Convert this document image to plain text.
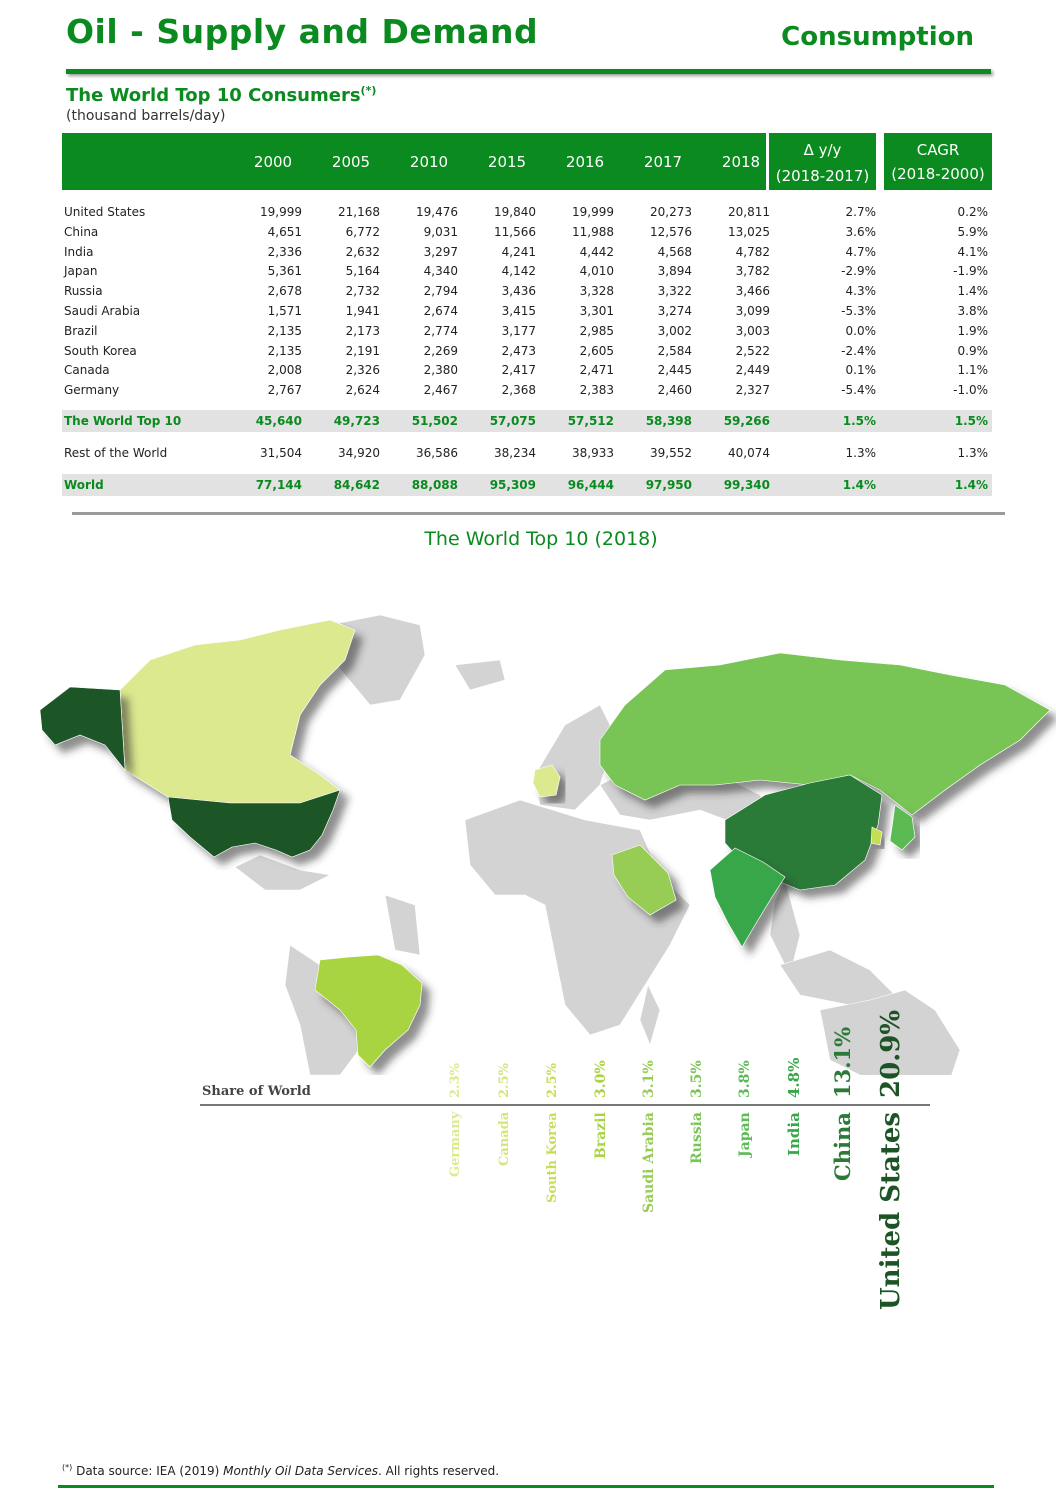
Oil - Supply and Demand	Consumption
The World Top 10 Consumers(*)
(thousand barrels/day)
2000	2005	2010	2015	2016	2017	2018
Δ y/y
(2018-2017)
CAGR
(2018-2000)
United States	19,999	21,168	19,476	19,840	19,999	20,273	20,811	2.7%	0.2%
China	4,651	6,772	9,031	11,566	11,988	12,576	13,025	3.6%	5.9%
India	2,336	2,632	3,297	4,241	4,442	4,568	4,782	4.7%	4.1%
Japan	5,361	5,164	4,340	4,142	4,010	3,894	3,782	-2.9%	-1.9%
Russia	2,678	2,732	2,794	3,436	3,328	3,322	3,466	4.3%	1.4%
Saudi Arabia	1,571	1,941	2,674	3,415	3,301	3,274	3,099	-5.3%	3.8%
Brazil	2,135	2,173	2,774	3,177	2,985	3,002	3,003	0.0%	1.9%
South Korea	2,135	2,191	2,269	2,473	2,605	2,584	2,522	-2.4%	0.9%
Canada	2,008	2,326	2,380	2,417	2,471	2,445	2,449	0.1%	1.1%
Germany	2,767	2,624	2,467	2,368	2,383	2,460	2,327	-5.4%	-1.0%
The World Top 10	45,640	49,723	51,502	57,075	57,512	58,398	59,266	1.5%	1.5%
Rest of the World	31,504	34,920	36,586	38,234	38,933	39,552	40,074	1.3%	1.3%
World	77,144	84,642	88,088	95,309	96,444	97,950	99,340	1.4%	1.4%
The World Top 10 (2018)
Share of World	2.3%
Germany
2.5%
Canada
2.5%
South Korea
3.0%
Brazil
3.1%
Saudi Arabia
3.5%
Russia
3.8%
Japan
4.8%
India
13.1%
China
20.9%
United States
(*) Data source: IEA (2019) Monthly Oil Data Services. All rights reserved.
